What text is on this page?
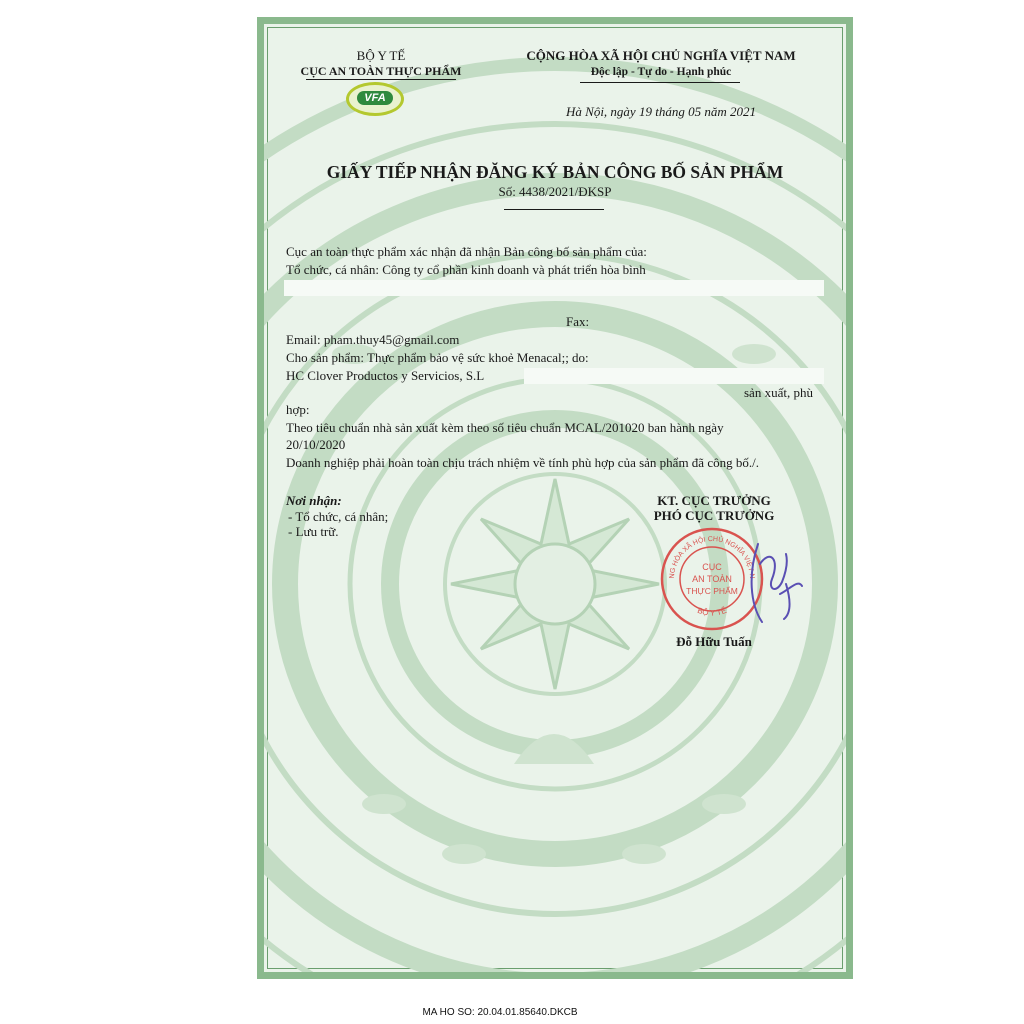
BỘ Y TẾ
CỤC AN TOÀN THỰC PHẨM
VFA
CỘNG HÒA XÃ HỘI CHỦ NGHĨA VIỆT NAM
Độc lập - Tự do - Hạnh phúc
Hà Nội, ngày 19 tháng 05 năm 2021
GIẤY TIẾP NHẬN ĐĂNG KÝ BẢN CÔNG BỐ SẢN PHẨM
Số: 4438/2021/ĐKSP
Cục an toàn thực phẩm xác nhận đã nhận Bản công bố sản phẩm của:
Tổ chức, cá nhân: Công ty cổ phần kinh doanh và phát triển hòa bình
Fax:
Email: pham.thuy45@gmail.com
Cho sản phẩm: Thực phẩm bảo vệ sức khoẻ Menacal;; do:
HC Clover Productos y Servicios, S.L
sản xuất, phù
hợp:
Theo tiêu chuẩn nhà sản xuất kèm theo số tiêu chuẩn MCAL/201020 ban hành ngày
20/10/2020
Doanh nghiệp phải hoàn toàn chịu trách nhiệm về tính phù hợp của sản phẩm đã công bố./.
Nơi nhận:
- Tổ chức, cá nhân;
- Lưu trữ.
KT. CỤC TRƯỞNG
PHÓ CỤC TRƯỞNG
NG HÒA XÃ HỘI CHỦ NGHĨA VIỆT N
BỘ Y TẾ
CỤC
AN TOÀN
THỰC PHẨM
Đỗ Hữu Tuấn
MA HO SO: 20.04.01.85640.DKCB
